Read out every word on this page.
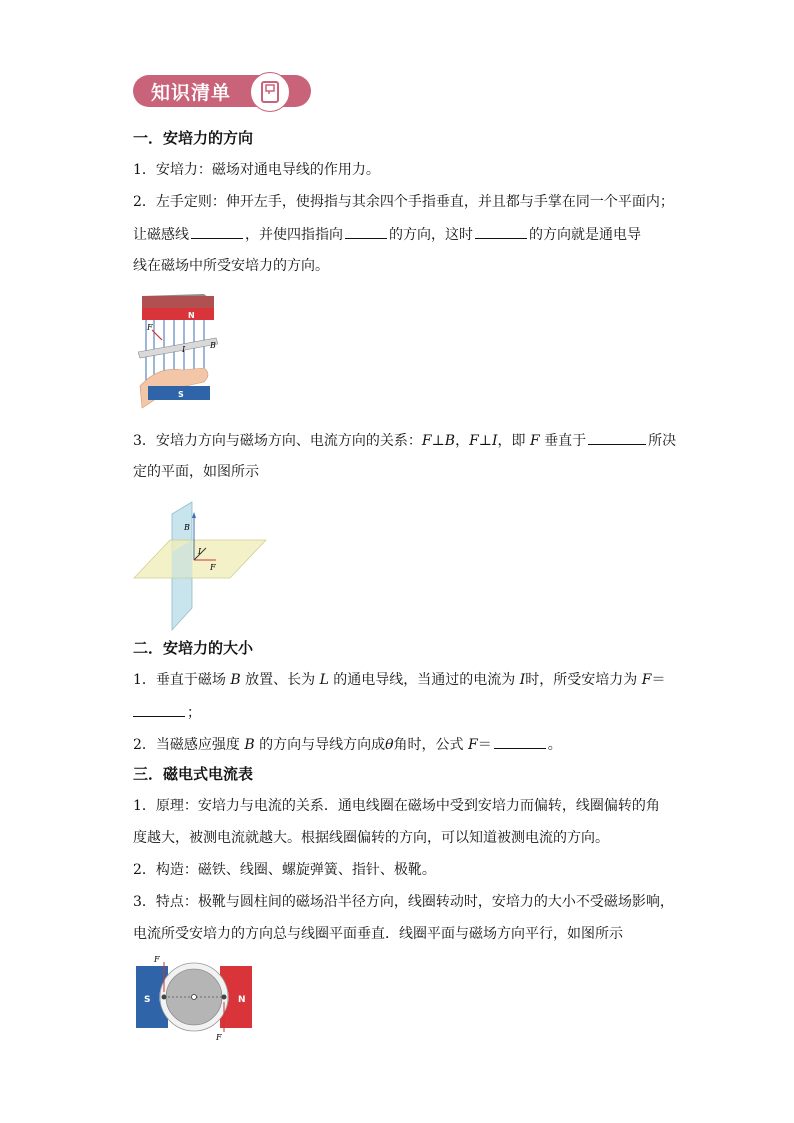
知识清单
一．安培力的方向
1．安培力：磁场对通电导线的作用力。
2．左手定则：伸开左手，使拇指与其余四个手指垂直，并且都与手掌在同一个平面内；
让磁感线	，并使四指指向	的方向，这时	的方向就是通电导
线在磁场中所受安培力的方向。
N
F
I	B
S
3．安培力方向与磁场方向、电流方向的关系：F⊥B，F⊥I，即 F 垂直于	所决
定的平面，如图所示
B
I
F
二．安培力的大小
1．垂直于磁场 B 放置、长为 L 的通电导线，当通过的电流为 I时，所受安培力为 F＝
；
2．当磁感应强度 B 的方向与导线方向成θ角时，公式 F＝	。
三．磁电式电流表
1．原理：安培力与电流的关系．通电线圈在磁场中受到安培力而偏转，线圈偏转的角
度越大，被测电流就越大。根据线圈偏转的方向，可以知道被测电流的方向。
2．构造：磁铁、线圈、螺旋弹簧、指针、极靴。
3．特点：极靴与圆柱间的磁场沿半径方向，线圈转动时，安培力的大小不受磁场影响，
电流所受安培力的方向总与线圈平面垂直．线圈平面与磁场方向平行，如图所示
S	N
F
F
